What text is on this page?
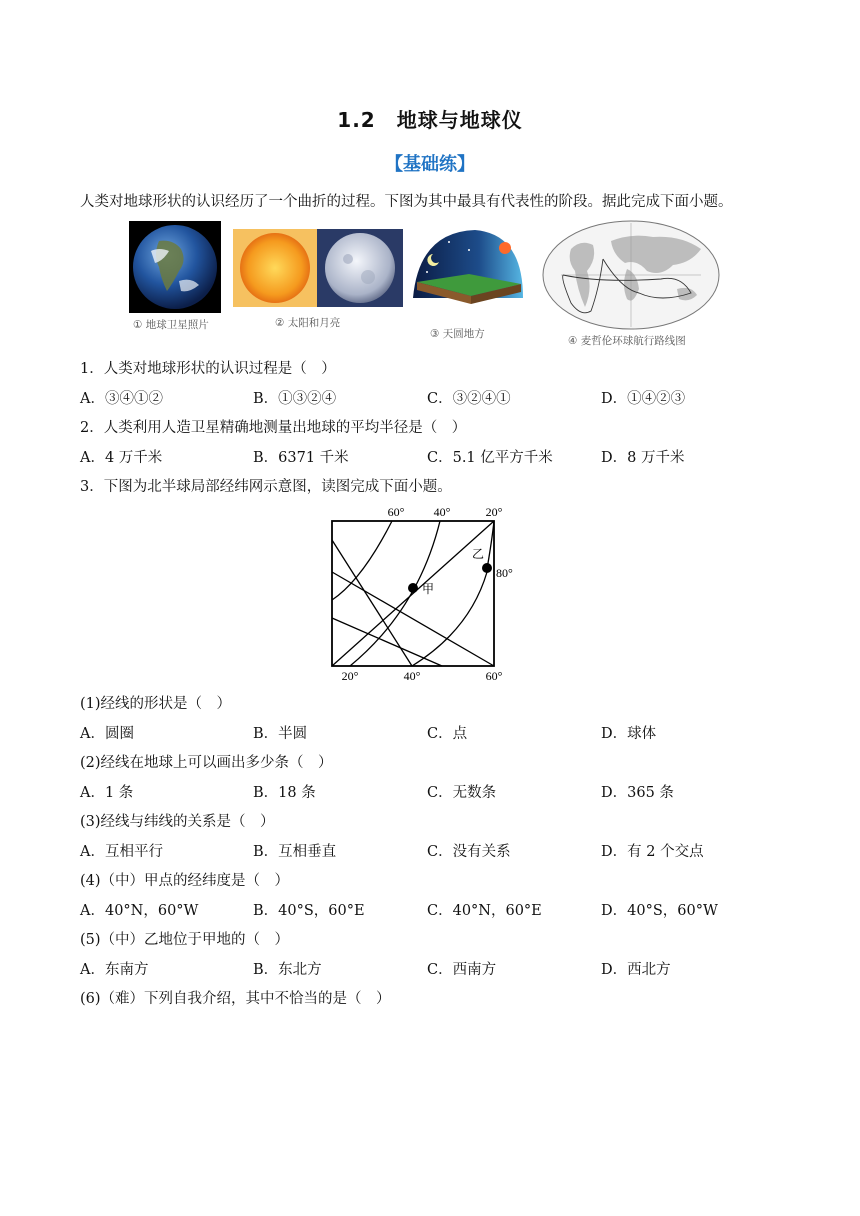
1.2　地球与地球仪
【基础练】
人类对地球形状的认识经历了一个曲折的过程。下图为其中最具有代表性的阶段。据此完成下面小题。
① 地球卫星照片	② 太阳和月亮
③ 天圆地方
④ 麦哲伦环球航行路线图
1．人类对地球形状的认识过程是（　）
A．③④①②	B．①③②④	C．③②④①	D．①④②③
2．人类利用人造卫星精确地测量出地球的平均半径是（　）
A．4 万千米	B．6371 千米	C．5.1 亿平方千米	D．8 万千米
3．下图为北半球局部经纬网示意图，读图完成下面小题。
60° 40°	20°
20°	40°	60°
80°
甲
乙
(1)经线的形状是（　）
A．圆圈	B．半圆	C．点	D．球体
(2)经线在地球上可以画出多少条（　）
A．1 条	B．18 条	C．无数条	D．365 条
(3)经线与纬线的关系是（　）
A．互相平行	B．互相垂直	C．没有关系	D．有 2 个交点
(4)（中）甲点的经纬度是（　）
A．40°N，60°W	B．40°S，60°E	C．40°N，60°E	D．40°S，60°W
(5)（中）乙地位于甲地的（　）
A．东南方	B．东北方	C．西南方	D．西北方
(6)（难）下列自我介绍，其中不恰当的是（　）
